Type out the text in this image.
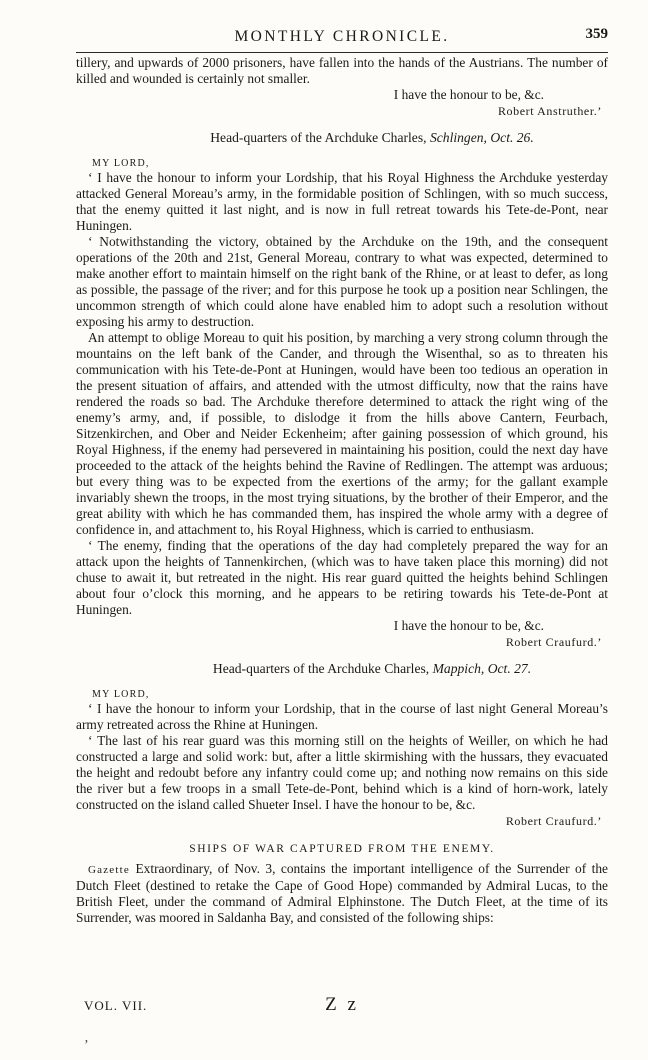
MONTHLY CHRONICLE.	359

tillery, and upwards of 2000 prisoners, have fallen into the hands of the Austrians. The number of killed and wounded is certainly not smaller.

I have the honour to be, &c.

Robert Anstruther.’

Head-quarters of the Archduke Charles, Schlingen, Oct. 26.
MY LORD,

‘ I have the honour to inform your Lordship, that his Royal Highness the Archduke yesterday attacked General Moreau’s army, in the formidable position of Schlingen, with so much success, that the enemy quitted it last night, and is now in full retreat towards his Tete-de-Pont, near Huningen.

‘ Notwithstanding the victory, obtained by the Archduke on the 19th, and the consequent operations of the 20th and 21st, General Moreau, contrary to what was expected, determined to make another effort to maintain himself on the right bank of the Rhine, or at least to defer, as long as possible, the passage of the river; and for this purpose he took up a position near Schlingen, the uncommon strength of which could alone have enabled him to adopt such a resolution without exposing his army to destruction.

An attempt to oblige Moreau to quit his position, by marching a very strong column through the mountains on the left bank of the Cander, and through the Wisenthal, so as to threaten his communication with his Tete-de-Pont at Huningen, would have been too tedious an operation in the present situation of affairs, and attended with the utmost difficulty, now that the rains have rendered the roads so bad. The Archduke therefore determined to attack the right wing of the enemy’s army, and, if possible, to dislodge it from the hills above Cantern, Feurbach, Sitzenkirchen, and Ober and Neider Eckenheim; after gaining possession of which ground, his Royal Highness, if the enemy had persevered in maintaining his position, could the next day have proceeded to the attack of the heights behind the Ravine of Redlingen. The attempt was arduous; but every thing was to be expected from the exertions of the army; for the gallant example invariably shewn the troops, in the most trying situations, by the brother of their Emperor, and the great ability with which he has commanded them, has inspired the whole army with a degree of confidence in, and attachment to, his Royal Highness, which is carried to enthusiasm.

‘ The enemy, finding that the operations of the day had completely prepared the way for an attack upon the heights of Tannenkirchen, (which was to have taken place this morning) did not chuse to await it, but retreated in the night. His rear guard quitted the heights behind Schlingen about four o’clock this morning, and he appears to be retiring towards his Tete-de-Pont at Huningen.

I have the honour to be, &c.

Robert Craufurd.’

Head-quarters of the Archduke Charles, Mappich, Oct. 27.
MY LORD,

‘ I have the honour to inform your Lordship, that in the course of last night General Moreau’s army retreated across the Rhine at Huningen.

‘ The last of his rear guard was this morning still on the heights of Weiller, on which he had constructed a large and solid work: but, after a little skirmishing with the hussars, they evacuated the height and redoubt before any infantry could come up; and nothing now remains on this side the river but a few troops in a small Tete-de-Pont, behind which is a kind of horn-work, lately constructed on the island called Shueter Insel. I have the honour to be, &c.

Robert Craufurd.’

SHIPS OF WAR CAPTURED FROM THE ENEMY.

Gazette Extraordinary, of Nov. 3, contains the important intelligence of the Surrender of the Dutch Fleet (destined to retake the Cape of Good Hope) commanded by Admiral Lucas, to the British Fleet, under the command of Admiral Elphinstone. The Dutch Fleet, at the time of its Surrender, was moored in Saldanha Bay, and consisted of the following ships:

VOL. VII.	Z z
’
